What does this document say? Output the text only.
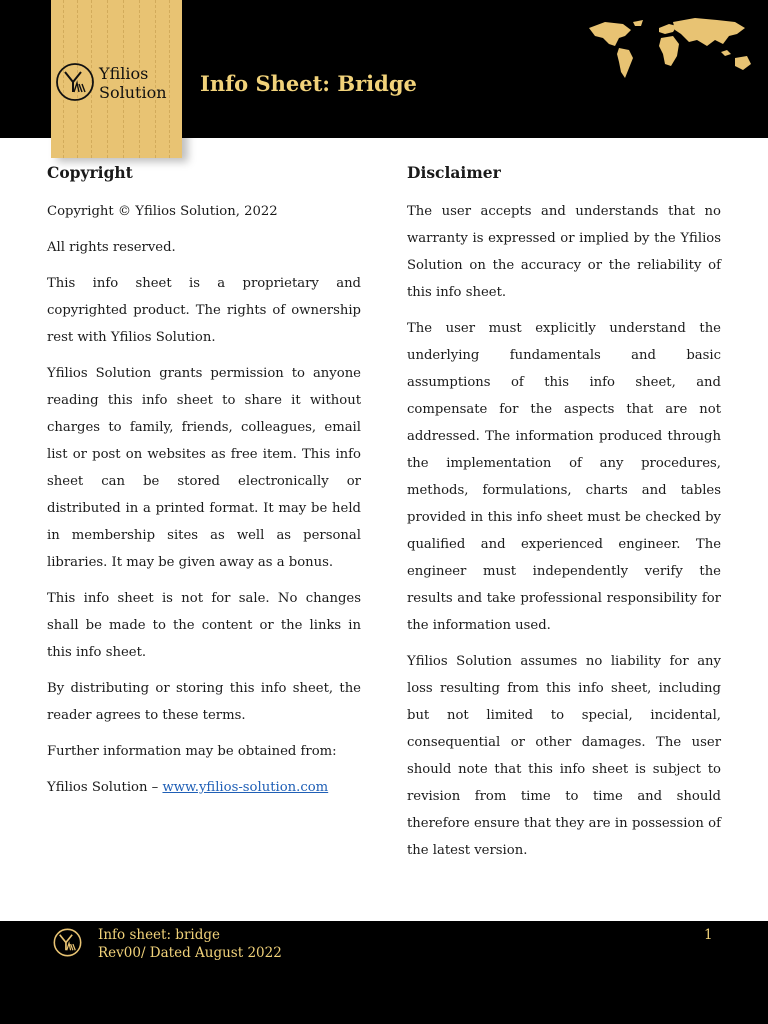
Yfilios
Solution Info Sheet: Bridge
Copyright

Copyright © Yfilios Solution, 2022

All rights reserved.

This info sheet is a proprietary and copyrighted product. The rights of ownership rest with Yfilios Solution.

Yfilios Solution grants permission to anyone reading this info sheet to share it without charges to family, friends, colleagues, email list or post on websites as free item. This info sheet can be stored electronically or distributed in a printed format. It may be held in membership sites as well as personal libraries. It may be given away as a bonus.

This info sheet is not for sale. No changes shall be made to the content or the links in this info sheet.

By distributing or storing this info sheet, the reader agrees to these terms.

Further information may be obtained from:

Yfilios Solution – www.yfilios-solution.com

Disclaimer

The user accepts and understands that no warranty is expressed or implied by the Yfilios Solution on the accuracy or the reliability of this info sheet.

The user must explicitly understand the underlying fundamentals and basic assumptions of this info sheet, and compensate for the aspects that are not addressed. The information produced through the implementation of any procedures, methods, formulations, charts and tables provided in this info sheet must be checked by qualified and experienced engineer. The engineer must independently verify the results and take professional responsibility for the information used.

Yfilios Solution assumes no liability for any loss resulting from this info sheet, including but not limited to special, incidental, consequential or other damages. The user should note that this info sheet is subject to revision from time to time and should therefore ensure that they are in possession of the latest version.

Info sheet: bridge
Rev00/ Dated August 2022
1
